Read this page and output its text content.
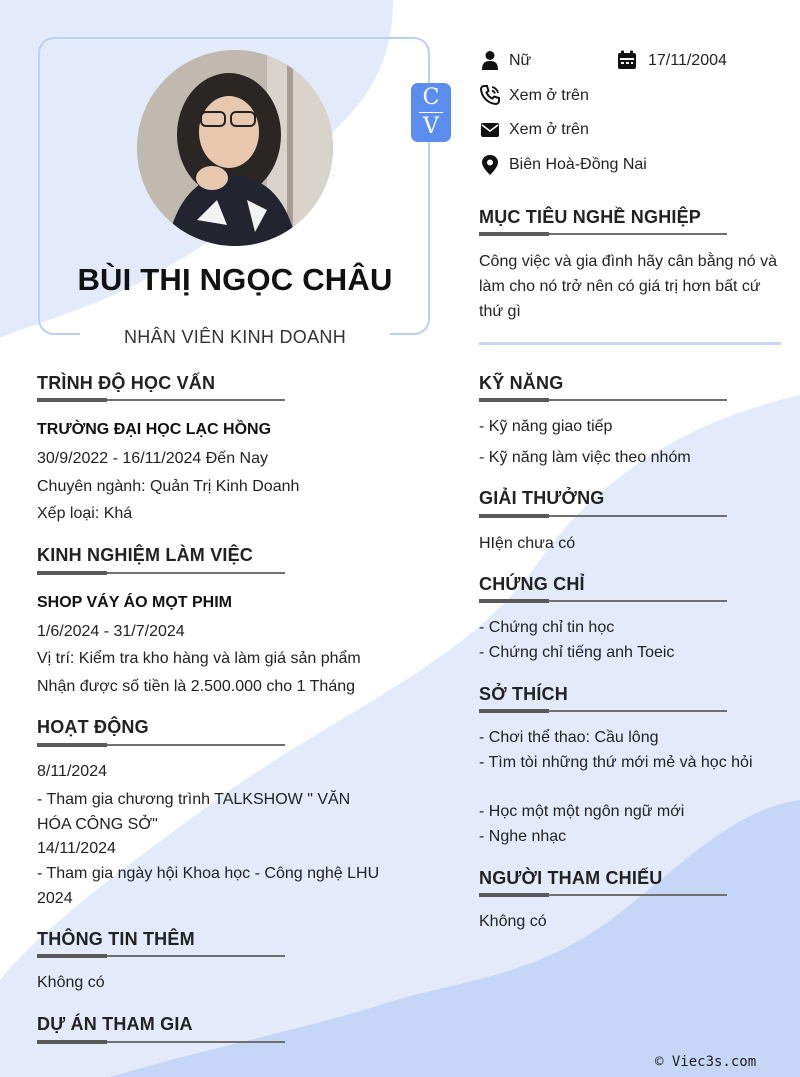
BÙI THỊ NGỌC CHÂU
NHÂN VIÊN KINH DOANH
C
V
Nữ	17/11/2004
Xem ở trên
Xem ở trên
Biên Hoà-Đồng Nai
MỤC TIÊU NGHỀ NGHIỆP
Công việc và gia đình hãy cân bằng nó và làm cho nó trở nên có giá trị hơn bất cứ thứ gì
KỸ NĂNG
- Kỹ năng giao tiếp
- Kỹ năng làm việc theo nhóm
GIẢI THƯỞNG
HIện chưa có
CHỨNG CHỈ
- Chứng chỉ tin học
- Chứng chỉ tiếng anh Toeic
SỞ THÍCH
- Chơi thể thao: Cầu lông
- Tìm tòi những thứ mới mẻ và học hỏi
- Học một một ngôn ngữ mới
- Nghe nhạc
NGƯỜI THAM CHIẾU
Không có
TRÌNH ĐỘ HỌC VẤN
TRƯỜNG ĐẠI HỌC LẠC HỒNG
30/9/2022 - 16/11/2024 Đến Nay
Chuyên ngành: Quản Trị Kinh Doanh
Xếp loại: Khá
KINH NGHIỆM LÀM VIỆC
SHOP VÁY ÁO MỌT PHIM
1/6/2024 - 31/7/2024
Vị trí: Kiểm tra kho hàng và làm giá sản phẩm
Nhận được số tiền là 2.500.000 cho 1 Tháng
HOẠT ĐỘNG
8/11/2024
- Tham gia chương trình TALKSHOW " VĂN HÓA CÔNG SỞ"
14/11/2024
- Tham gia ngày hội Khoa học - Công nghệ LHU 2024
THÔNG TIN THÊM
Không có
DỰ ÁN THAM GIA
© Viec3s.com
